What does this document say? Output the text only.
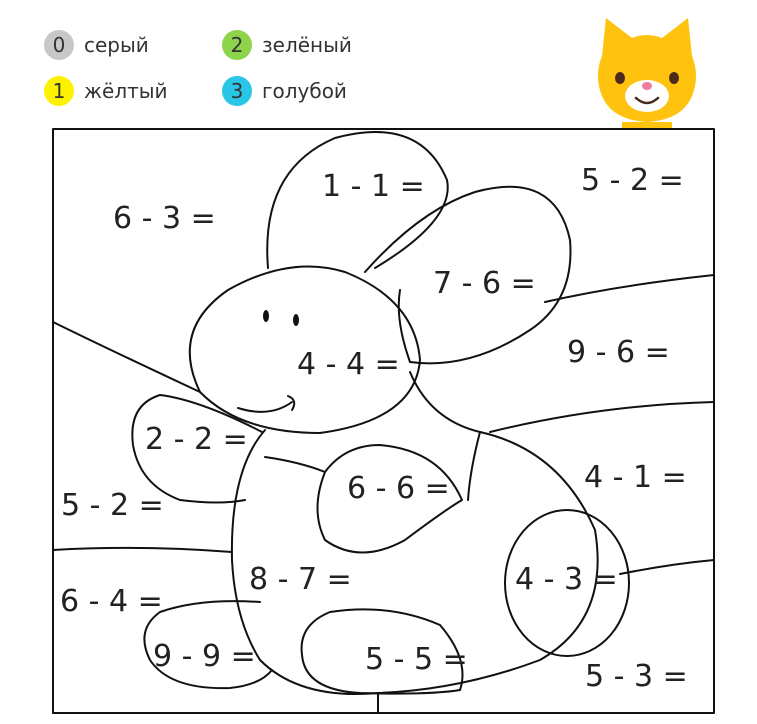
0 серый
1 жёлтый
2 зелёный
3 голубой
6 - 3 =
1 - 1 =	5 - 2 =
7 - 6 =
4 - 4 =	9 - 6 =
2 - 2 =
4 - 1 =
5 - 2 =	6 - 6 =
8 - 7 =	4 - 3 =
6 - 4 =
9 - 9 =	5 - 5 =	5 - 3 =
